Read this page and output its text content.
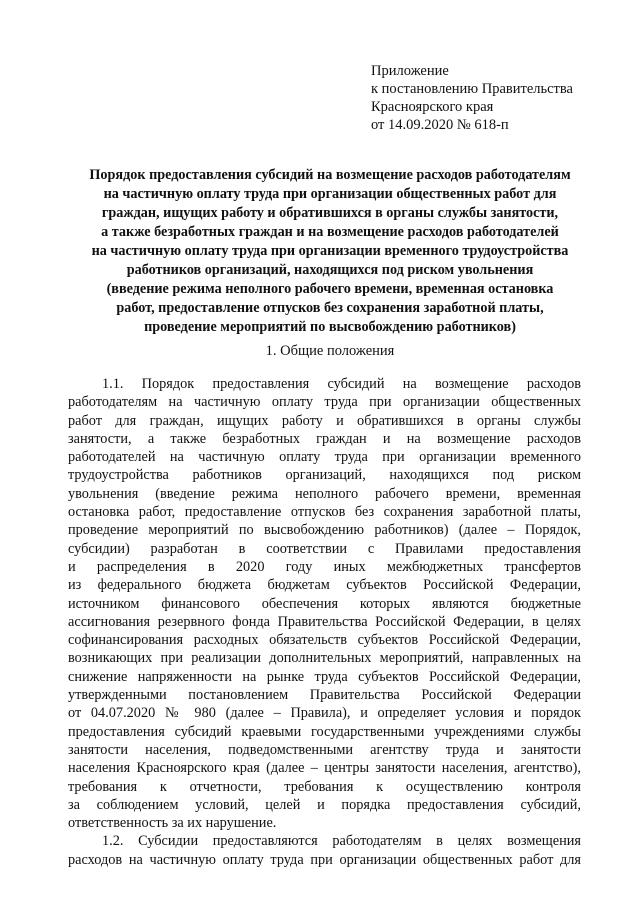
Приложение
к постановлению Правительства
Красноярского края
от 14.09.2020 № 618-п
Порядок предоставления субсидий на возмещение расходов работодателям
на частичную оплату труда при организации общественных работ для
граждан, ищущих работу и обратившихся в органы службы занятости,
а также безработных граждан и на возмещение расходов работодателей
на частичную оплату труда при организации временного трудоустройства
работников организаций, находящихся под риском увольнения
(введение режима неполного рабочего времени, временная остановка
работ, предоставление отпусков без сохранения заработной платы,
проведение мероприятий по высвобождению работников)
1. Общие положения
1.1. Порядок предоставления субсидий на возмещение расходов
работодателям на частичную оплату труда при организации общественных
работ для граждан, ищущих работу и обратившихся в органы службы
занятости, а также безработных граждан и на возмещение расходов
работодателей на частичную оплату труда при организации временного
трудоустройства работников организаций, находящихся под риском
увольнения (введение режима неполного рабочего времени, временная
остановка работ, предоставление отпусков без сохранения заработной платы,
проведение мероприятий по высвобождению работников) (далее – Порядок,
субсидии) разработан в соответствии с Правилами предоставления
и распределения в 2020 году иных межбюджетных трансфертов
из федерального бюджета бюджетам субъектов Российской Федерации,
источником финансового обеспечения которых являются бюджетные
ассигнования резервного фонда Правительства Российской Федерации, в целях
софинансирования расходных обязательств субъектов Российской Федерации,
возникающих при реализации дополнительных мероприятий, направленных на
снижение напряженности на рынке труда субъектов Российской Федерации,
утвержденными постановлением Правительства Российской Федерации
от 04.07.2020 № 980 (далее – Правила), и определяет условия и порядок
предоставления субсидий краевыми государственными учреждениями службы
занятости населения, подведомственными агентству труда и занятости
населения Красноярского края (далее – центры занятости населения, агентство),
требования к отчетности, требования к осуществлению контроля
за соблюдением условий, целей и порядка предоставления субсидий,
ответственность за их нарушение.
1.2. Субсидии предоставляются работодателям в целях возмещения
расходов на частичную оплату труда при организации общественных работ для
